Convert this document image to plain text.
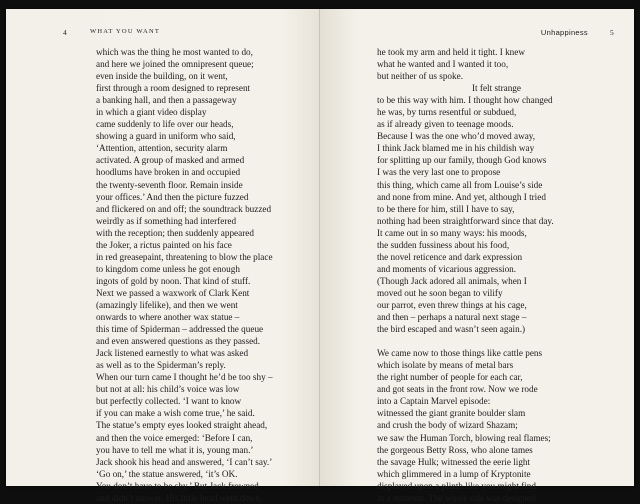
4	WHAT YOU WANT
which was the thing he most wanted to do,
and here we joined the omnipresent queue;
even inside the building, on it went,
first through a room designed to represent
a banking hall, and then a passageway
in which a giant video display
came suddenly to life over our heads,
showing a guard in uniform who said,
‘Attention, attention, security alarm
activated. A group of masked and armed
hoodlums have broken in and occupied
the twenty-seventh floor. Remain inside
your offices.’ And then the picture fuzzed
and flickered on and off; the soundtrack buzzed
weirdly as if something had interfered
with the reception; then suddenly appeared
the Joker, a rictus painted on his face
in red greasepaint, threatening to blow the place
to kingdom come unless he got enough
ingots of gold by noon. That kind of stuff.
Next we passed a waxwork of Clark Kent
(amazingly lifelike), and then we went
onwards to where another wax statue –
this time of Spiderman – addressed the queue
and even answered questions as they passed.
Jack listened earnestly to what was asked
as well as to the Spiderman’s reply.
When our turn came I thought he’d be too shy –
but not at all: his child’s voice was low
but perfectly collected. ‘I want to know
if you can make a wish come true,’ he said.
The statue’s empty eyes looked straight ahead,
and then the voice emerged: ‘Before I can,
you have to tell me what it is, young man.’
Jack shook his head and answered, ‘I can’t say.’
‘Go on,’ the statue answered, ‘it’s OK.
You don’t have to be shy.’ But Jack frowned
and didn’t answer. His little head went down,
Unhappiness	5
he took my arm and held it tight. I knew
what he wanted and I wanted it too,
but neither of us spoke.
It felt strange
to be this way with him. I thought how changed
he was, by turns resentful or subdued,
as if already given to teenage moods.
Because I was the one who’d moved away,
I think Jack blamed me in his childish way
for splitting up our family, though God knows
I was the very last one to propose
this thing, which came all from Louise’s side
and none from mine. And yet, although I tried
to be there for him, still I have to say,
nothing had been straightforward since that day.
It came out in so many ways: his moods,
the sudden fussiness about his food,
the novel reticence and dark expression
and moments of vicarious aggression.
(Though Jack adored all animals, when I
moved out he soon began to vilify
our parrot, even threw things at his cage,
and then – perhaps a natural next stage –
the bird escaped and wasn’t seen again.)
We came now to those things like cattle pens
which isolate by means of metal bars
the right number of people for each car,
and got seats in the front row. Now we rode
into a Captain Marvel episode:
witnessed the giant granite boulder slam
and crush the body of wizard Shazam;
we saw the Human Torch, blowing real flames;
the gorgeous Betty Ross, who alone tames
the savage Hulk; witnessed the eerie light
which glimmered in a lump of Kryptonite
displayed upon a plinth like you might find
in a museum. The whole ride was designed
